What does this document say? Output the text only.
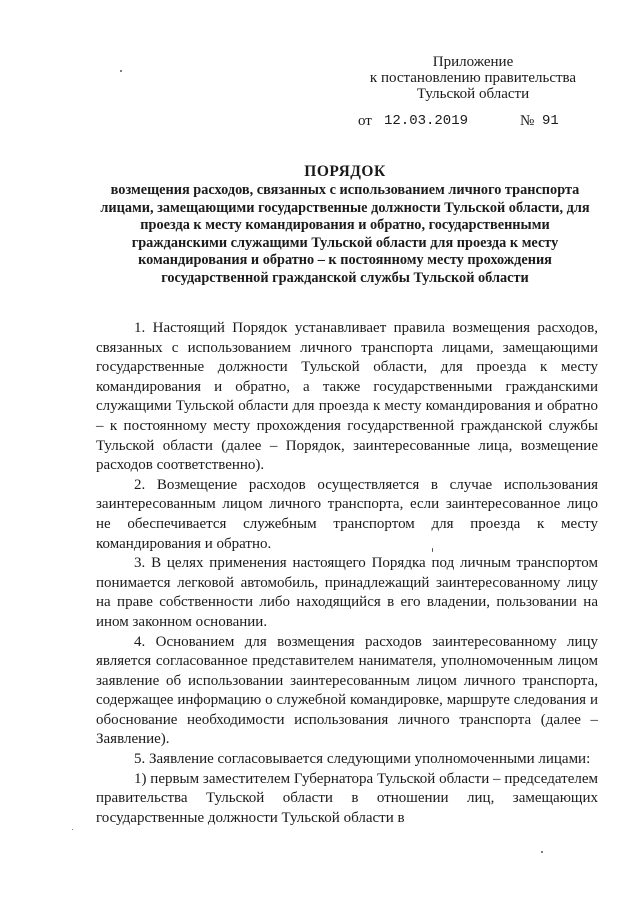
Приложение
к постановлению правительства
Тульской области
от 12.03.2019	№ 91
ПОРЯДОК
возмещения расходов, связанных с использованием личного транспорта лицами, замещающими государственные должности Тульской области, для проезда к месту командирования и обратно, государственными гражданскими служащими Тульской области для проезда к месту командирования и обратно – к постоянному месту прохождения государственной гражданской службы Тульской области

1. Настоящий Порядок устанавливает правила возмещения расходов, связанных с использованием личного транспорта лицами, замещающими государственные должности Тульской области, для проезда к месту командирования и обратно, а также государственными гражданскими служащими Тульской области для проезда к месту командирования и обратно – к постоянному месту прохождения государственной гражданской службы Тульской области (далее – Порядок, заинтересованные лица, возмещение расходов соответственно).

2. Возмещение расходов осуществляется в случае использования заинтересованным лицом личного транспорта, если заинтересованное лицо не обеспечивается служебным транспортом для проезда к месту командирования и обратно.

3. В целях применения настоящего Порядка под личным транспортом понимается легковой автомобиль, принадлежащий заинтересованному лицу на праве собственности либо находящийся в его владении, пользовании на ином законном основании.

4. Основанием для возмещения расходов заинтересованному лицу является согласованное представителем нанимателя, уполномоченным лицом заявление об использовании заинтересованным лицом личного транспорта, содержащее информацию о служебной командировке, маршруте следования и обоснование необходимости использования личного транспорта (далее – Заявление).

5. Заявление согласовывается следующими уполномоченными лицами:

1) первым заместителем Губернатора Тульской области – председателем правительства Тульской области в отношении лиц, замещающих государственные должности Тульской области в
